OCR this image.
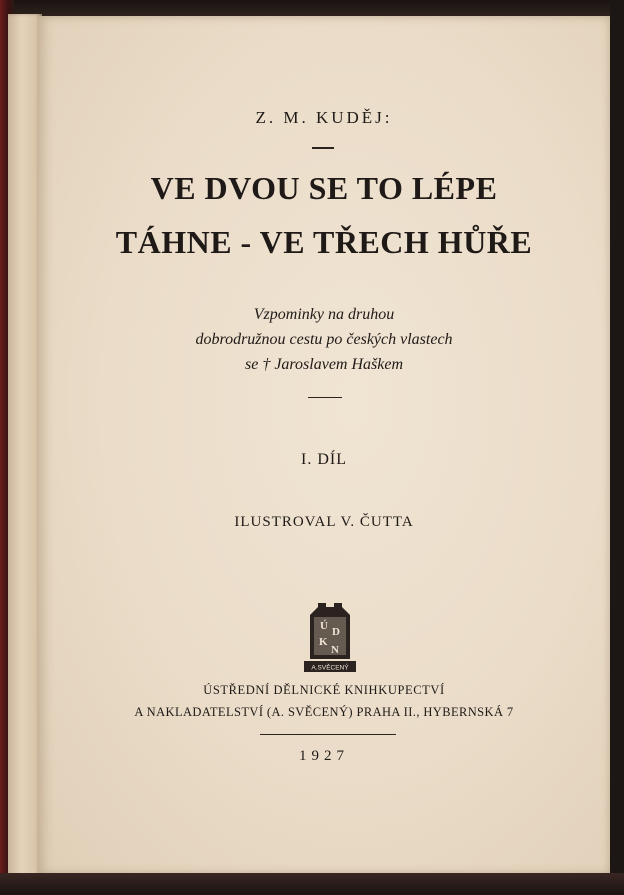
Z. M. KUDĚJ:
VE DVOU SE TO LÉPE
TÁHNE - VE TŘECH HŮŘE
Vzpominky na druhou
dobrodružnou cestu po českých vlastech
se † Jaroslavem Haškem
I. DÍL
ILUSTROVAL V. ČUTTA
Ú D
K
N
A.SVĚCENÝ
ÚSTŘEDNÍ DĚLNICKÉ KNIHKUPECTVÍ
A NAKLADATELSTVÍ (A. SVĚCENÝ) PRAHA II., HYBERNSKÁ 7
1927
